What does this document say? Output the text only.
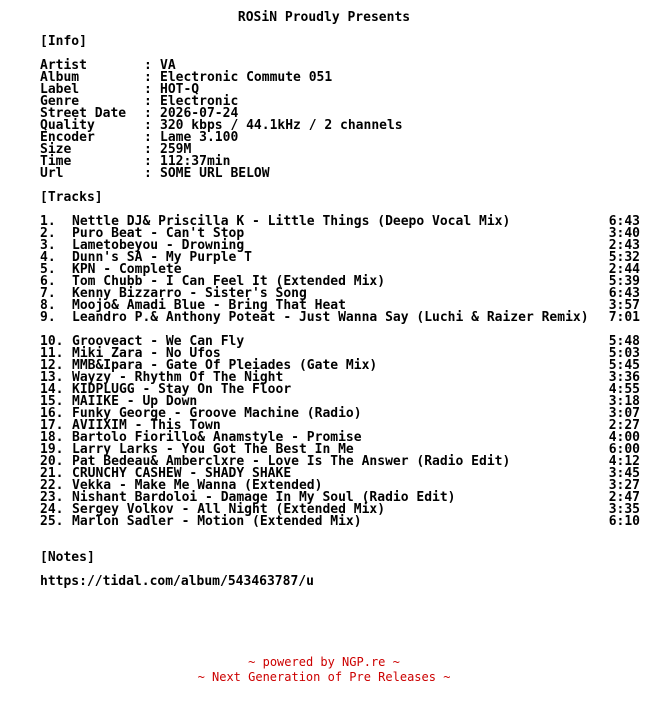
ROSiN Proudly Presents
[Info]
Artist	: VA
Album	: Electronic Commute 051
Label	: HOT-Q
Genre	: Electronic
Street Date : 2026-07-24
Quality	: 320 kbps / 44.1kHz / 2 channels
Encoder	: Lame 3.100
Size	: 259M
Time	: 112:37min
Url	: SOME URL BELOW
[Tracks]
1.	Nettle DJ& Priscilla K - Little Things (Deepo Vocal Mix)	6:43
2.	Puro Beat - Can't Stop	3:40
3.	Lametobeyou - Drowning	2:43
4.	Dunn's SA - My Purple T	5:32
5.	KPN - Complete	2:44
6.	Tom Chubb - I Can Feel It (Extended Mix)	5:39
7.	Kenny Bizzarro - Sister's Song	6:43
8.	Moojo& Amadi Blue - Bring That Heat	3:57
9.	Leandro P.& Anthony Poteat - Just Wanna Say (Luchi & Raizer Remix) 7:01
10. Grooveact - We Can Fly	5:48
11. Miki Zara - No Ufos	5:03
12. MMB&Ipara - Gate Of Pleiades (Gate Mix)	5:45
13. Wayzy - Rhythm Of The Night	3:36
14. KIDPLUGG - Stay On The Floor	4:55
15. MAIIKE - Up Down	3:18
16. Funky George - Groove Machine (Radio)	3:07
17. AVIIXIM - This Town	2:27
18. Bartolo Fiorillo& Anamstyle - Promise	4:00
19. Larry Larks - You Got The Best In Me	6:00
20. Pat Bedeau& Amberclxre - Love Is The Answer (Radio Edit)	4:12
21. CRUNCHY CASHEW - SHADY SHAKE	3:45
22. Vekka - Make Me Wanna (Extended)	3:27
23. Nishant Bardoloi - Damage In My Soul (Radio Edit)	2:47
24. Sergey Volkov - All Night (Extended Mix)	3:35
25. Marlon Sadler - Motion (Extended Mix)	6:10
[Notes]
https://tidal.com/album/543463787/u
~ powered by NGP.re ~
~ Next Generation of Pre Releases ~
